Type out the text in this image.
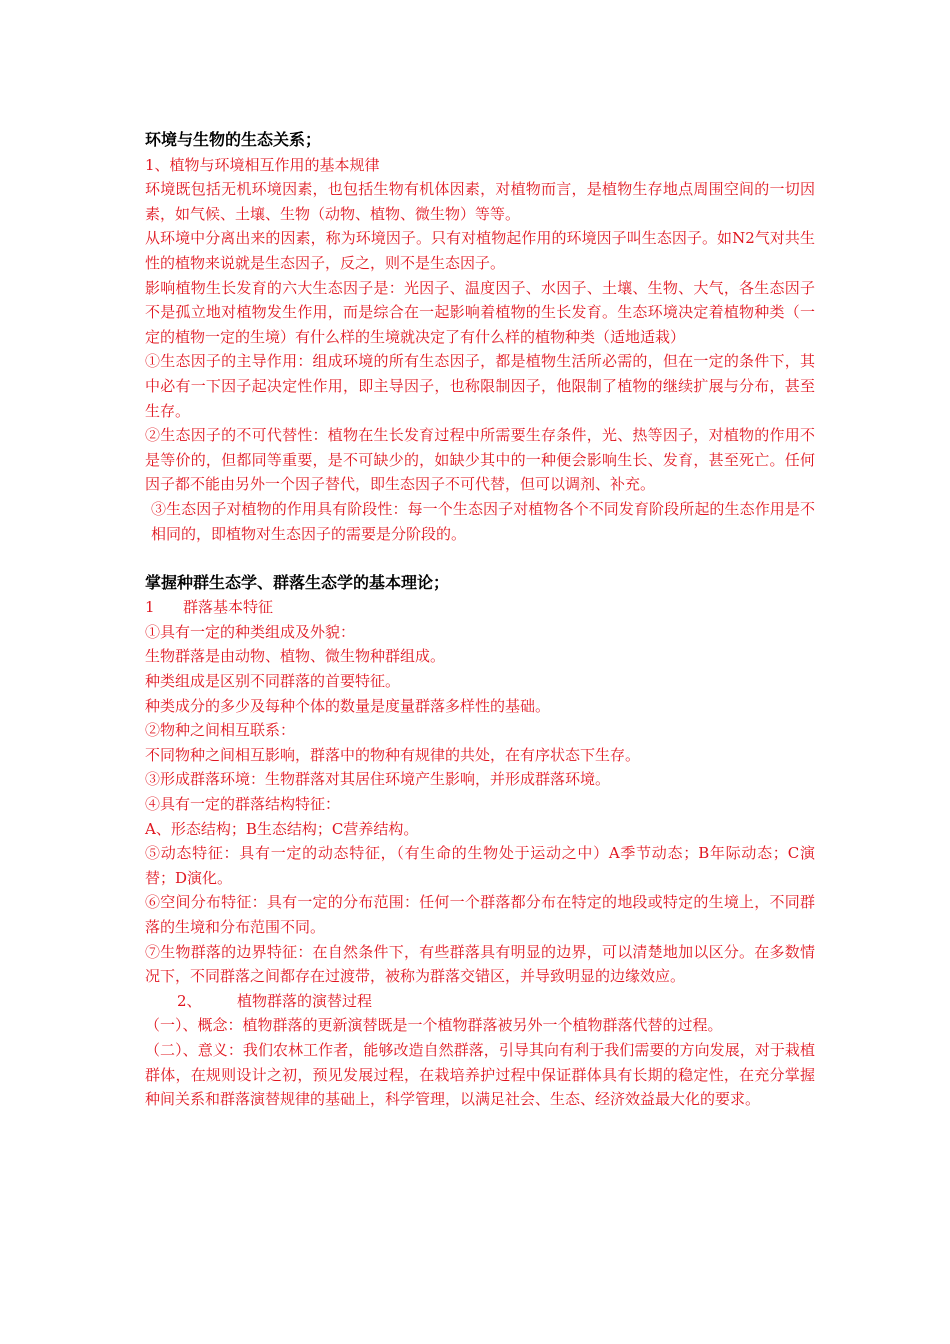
环境与生物的生态关系；

1、植物与环境相互作用的基本规律

环境既包括无机环境因素，也包括生物有机体因素，对植物而言，是植物生存地点周围空间的一切因素，如气候、土壤、生物（动物、植物、微生物）等等。

从环境中分离出来的因素，称为环境因子。只有对植物起作用的环境因子叫生态因子。如N2气对共生性的植物来说就是生态因子，反之，则不是生态因子。

影响植物生长发育的六大生态因子是：光因子、温度因子、水因子、土壤、生物、大气，各生态因子不是孤立地对植物发生作用，而是综合在一起影响着植物的生长发育。生态环境决定着植物种类（一定的植物一定的生境）有什么样的生境就决定了有什么样的植物种类（适地适栽）

①生态因子的主导作用：组成环境的所有生态因子，都是植物生活所必需的，但在一定的条件下，其中必有一下因子起决定性作用，即主导因子，也称限制因子，他限制了植物的继续扩展与分布，甚至生存。

②生态因子的不可代替性：植物在生长发育过程中所需要生存条件，光、热等因子，对植物的作用不是等价的，但都同等重要，是不可缺少的，如缺少其中的一种便会影响生长、发育，甚至死亡。任何因子都不能由另外一个因子替代，即生态因子不可代替，但可以调剂、补充。

③生态因子对植物的作用具有阶段性：每一个生态因子对植物各个不同发育阶段所起的生态作用是不相同的，即植物对生态因子的需要是分阶段的。

掌握种群生态学、群落生态学的基本理论；

1 群落基本特征

①具有一定的种类组成及外貌：

生物群落是由动物、植物、微生物种群组成。

种类组成是区别不同群落的首要特征。

种类成分的多少及每种个体的数量是度量群落多样性的基础。

②物种之间相互联系：

不同物种之间相互影响，群落中的物种有规律的共处，在有序状态下生存。

③形成群落环境：生物群落对其居住环境产生影响，并形成群落环境。

④具有一定的群落结构特征：

A、形态结构；B生态结构；C营养结构。

⑤动态特征：具有一定的动态特征，（有生命的生物处于运动之中）A季节动态；B年际动态；C演替；D演化。

⑥空间分布特征：具有一定的分布范围：任何一个群落都分布在特定的地段或特定的生境上，不同群落的生境和分布范围不同。

⑦生物群落的边界特征：在自然条件下，有些群落具有明显的边界，可以清楚地加以区分。在多数情况下，不同群落之间都存在过渡带，被称为群落交错区，并导致明显的边缘效应。

2、 植物群落的演替过程

（一）、概念：植物群落的更新演替既是一个植物群落被另外一个植物群落代替的过程。

（二）、意义：我们农林工作者，能够改造自然群落，引导其向有利于我们需要的方向发展，对于栽植群体，在规则设计之初，预见发展过程，在栽培养护过程中保证群体具有长期的稳定性，在充分掌握种间关系和群落演替规律的基础上，科学管理，以满足社会、生态、经济效益最大化的要求。
